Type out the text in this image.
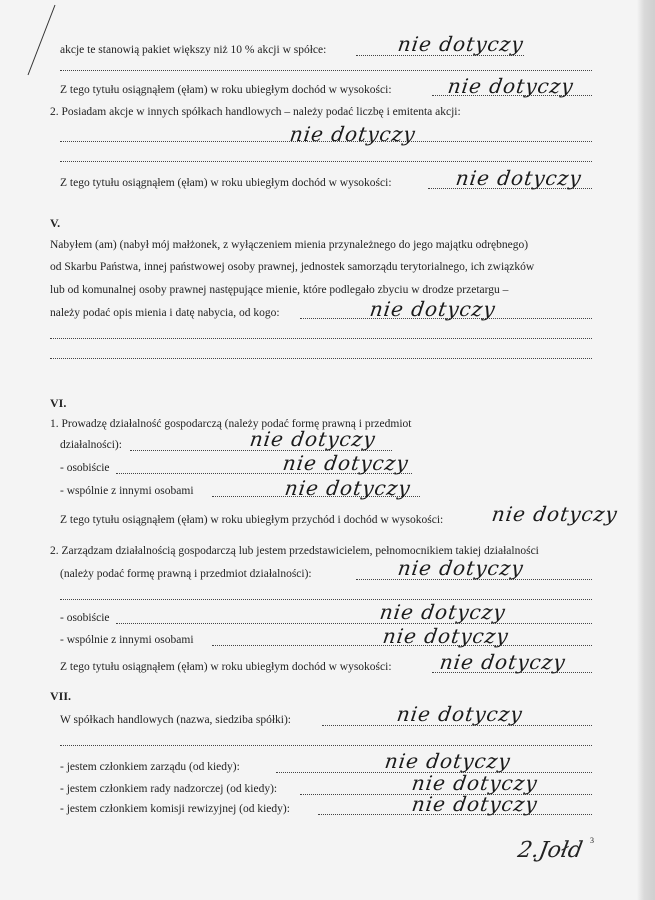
akcje te stanowią pakiet większy niż 10 % akcji w spółce:	nie dotyczy
Z tego tytułu osiągnąłem (ęłam) w roku ubiegłym dochód w wysokości:	nie dotyczy
2. Posiadam akcje w innych spółkach handlowych – należy podać liczbę i emitenta akcji:
nie dotyczy
Z tego tytułu osiągnąłem (ęłam) w roku ubiegłym dochód w wysokości:	nie dotyczy
V.
Nabyłem (am) (nabył mój małżonek, z wyłączeniem mienia przynależnego do jego majątku odrębnego)
od Skarbu Państwa, innej państwowej osoby prawnej, jednostek samorządu terytorialnego, ich związków
lub od komunalnej osoby prawnej następujące mienie, które podlegało zbyciu w drodze przetargu –
należy podać opis mienia i datę nabycia, od kogo:	nie dotyczy
VI.
1. Prowadzę działalność gospodarczą (należy podać formę prawną i przedmiot
działalności):	nie dotyczy
- osobiście	nie dotyczy
- wspólnie z innymi osobami	nie dotyczy
Z tego tytułu osiągnąłem (ęłam) w roku ubiegłym przychód i dochód w wysokości: nie dotyczy
2. Zarządzam działalnością gospodarczą lub jestem przedstawicielem, pełnomocnikiem takiej działalności
(należy podać formę prawną i przedmiot działalności):	nie dotyczy
- osobiście	nie dotyczy
- wspólnie z innymi osobami	nie dotyczy
Z tego tytułu osiągnąłem (ęłam) w roku ubiegłym dochód w wysokości: nie dotyczy
VII.
W spółkach handlowych (nazwa, siedziba spółki):	nie dotyczy
- jestem członkiem zarządu (od kiedy):	nie dotyczy
- jestem członkiem rady nadzorczej (od kiedy):	nie dotyczy
- jestem członkiem komisji rewizyjnej (od kiedy):	nie dotyczy
3
2.Jołd
